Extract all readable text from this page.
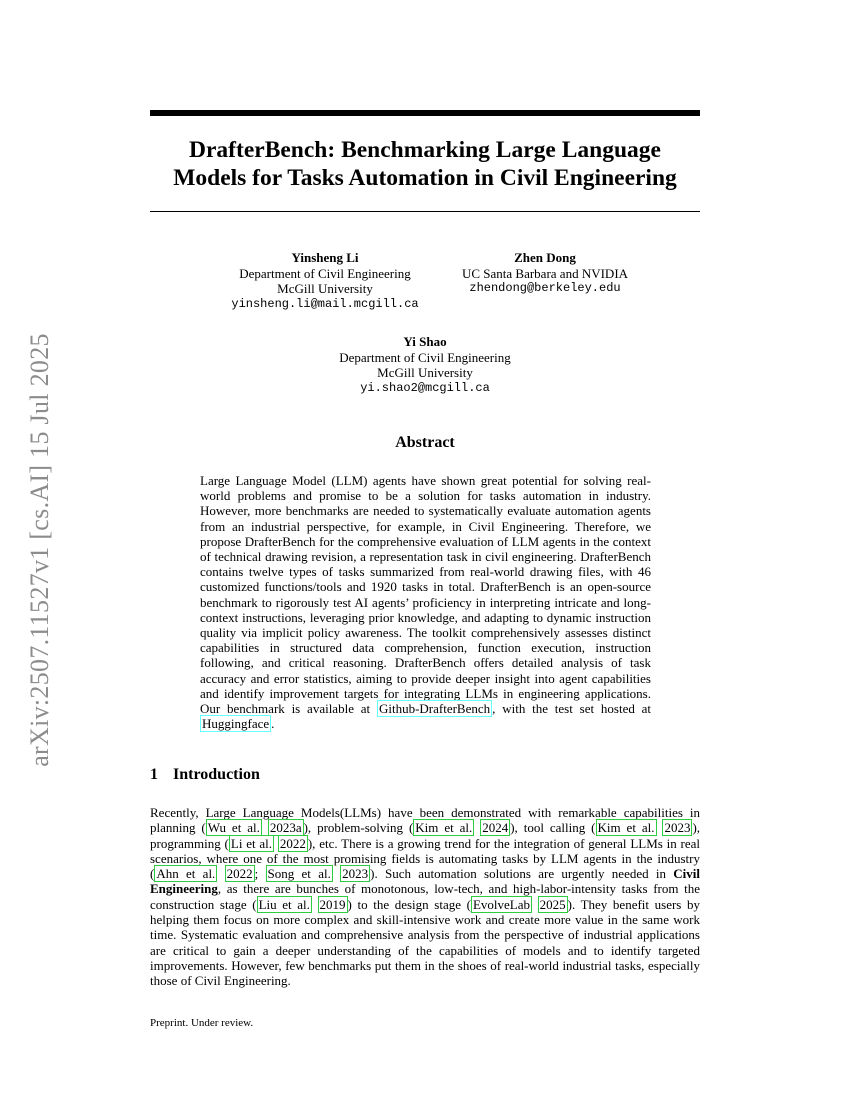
arXiv:2507.11527v1 [cs.AI] 15 Jul 2025
DrafterBench: Benchmarking Large Language Models for Tasks Automation in Civil Engineering
Yinsheng Li
Department of Civil Engineering
McGill University
yinsheng.li@mail.mcgill.ca
Zhen Dong
UC Santa Barbara and NVIDIA
zhendong@berkeley.edu
Yi Shao
Department of Civil Engineering
McGill University
yi.shao2@mcgill.ca
Abstract
Large Language Model (LLM) agents have shown great potential for solving real-world problems and promise to be a solution for tasks automation in industry. However, more benchmarks are needed to systematically evaluate automation agents from an industrial perspective, for example, in Civil Engineering. Therefore, we propose DrafterBench for the comprehensive evaluation of LLM agents in the context of technical drawing revision, a representation task in civil engineering. DrafterBench contains twelve types of tasks summarized from real-world drawing files, with 46 customized functions/tools and 1920 tasks in total. DrafterBench is an open-source benchmark to rigorously test AI agents’ proficiency in interpreting intricate and long-context instructions, leveraging prior knowledge, and adapting to dynamic instruction quality via implicit policy awareness. The toolkit comprehensively assesses distinct capabilities in structured data comprehension, function execution, instruction following, and critical reasoning. DrafterBench offers detailed analysis of task accuracy and error statistics, aiming to provide deeper insight into agent capabilities and identify improvement targets for integrating LLMs in engineering applications. Our benchmark is available at Github-DrafterBench , with the test set hosted at Huggingface .
1 Introduction
Recently, Large Language Models(LLMs) have been demonstrated with remarkable capabilities in planning ( Wu et al. 2023a ), problem-solving ( Kim et al. 2024 ), tool calling ( Kim et al. 2023 ), programming ( Li et al. 2022 ), etc. There is a growing trend for the integration of general LLMs in real scenarios, where one of the most promising fields is automating tasks by LLM agents in the industry ( Ahn et al. 2022 ; Song et al. 2023 ). Such automation solutions are urgently needed in Civil Engineering, as there are bunches of monotonous, low-tech, and high-labor-intensity tasks from the construction stage ( Liu et al. 2019 ) to the design stage ( EvolveLab 2025 ). They benefit users by helping them focus on more complex and skill-intensive work and create more value in the same work time. Systematic evaluation and comprehensive analysis from the perspective of industrial applications are critical to gain a deeper understanding of the capabilities of models and to identify targeted improvements. However, few benchmarks put them in the shoes of real-world industrial tasks, especially those of Civil Engineering.
Preprint. Under review.
